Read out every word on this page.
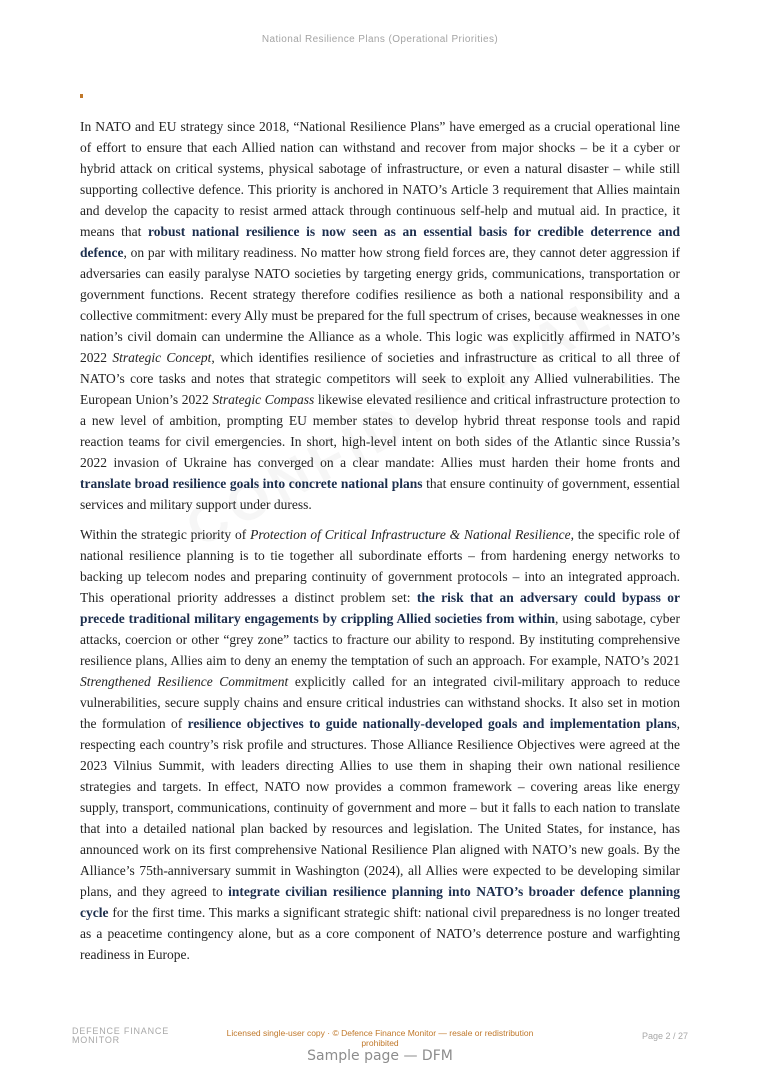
National Resilience Plans (Operational Priorities)

In NATO and EU strategy since 2018, “National Resilience Plans” have emerged as a crucial operational line of effort to ensure that each Allied nation can withstand and recover from major shocks – be it a cyber or hybrid attack on critical systems, physical sabotage of infrastructure, or even a natural disaster – while still supporting collective defence. This priority is anchored in NATO’s Article 3 requirement that Allies maintain and develop the capacity to resist armed attack through continuous self-help and mutual aid. In practice, it means that robust national resilience is now seen as an essential basis for credible deterrence and defence, on par with military readiness. No matter how strong field forces are, they cannot deter aggression if adversaries can easily paralyse NATO societies by targeting energy grids, communications, transportation or government functions. Recent strategy therefore codifies resilience as both a national responsibility and a collective commitment: every Ally must be prepared for the full spectrum of crises, because weaknesses in one nation’s civil domain can undermine the Alliance as a whole. This logic was explicitly affirmed in NATO’s 2022 Strategic Concept, which identifies resilience of societies and infrastructure as critical to all three of NATO’s core tasks and notes that strategic competitors will seek to exploit any Allied vulnerabilities. The European Union’s 2022 Strategic Compass likewise elevated resilience and critical infrastructure protection to a new level of ambition, prompting EU member states to develop hybrid threat response tools and rapid reaction teams for civil emergencies. In short, high-level intent on both sides of the Atlantic since Russia’s 2022 invasion of Ukraine has converged on a clear mandate: Allies must harden their home fronts and translate broad resilience goals into concrete national plans that ensure continuity of government, essential services and military support under duress.

Within the strategic priority of Protection of Critical Infrastructure & National Resilience, the specific role of national resilience planning is to tie together all subordinate efforts – from hardening energy networks to backing up telecom nodes and preparing continuity of government protocols – into an integrated approach. This operational priority addresses a distinct problem set: the risk that an adversary could bypass or precede traditional military engagements by crippling Allied societies from within, using sabotage, cyber attacks, coercion or other “grey zone” tactics to fracture our ability to respond. By instituting comprehensive resilience plans, Allies aim to deny an enemy the temptation of such an approach. For example, NATO’s 2021 Strengthened Resilience Commitment explicitly called for an integrated civil-military approach to reduce vulnerabilities, secure supply chains and ensure critical industries can withstand shocks. It also set in motion the formulation of resilience objectives to guide nationally-developed goals and implementation plans, respecting each country’s risk profile and structures. Those Alliance Resilience Objectives were agreed at the 2023 Vilnius Summit, with leaders directing Allies to use them in shaping their own national resilience strategies and targets. In effect, NATO now provides a common framework – covering areas like energy supply, transport, communications, continuity of government and more – but it falls to each nation to translate that into a detailed national plan backed by resources and legislation. The United States, for instance, has announced work on its first comprehensive National Resilience Plan aligned with NATO’s new goals. By the Alliance’s 75th-anniversary summit in Washington (2024), all Allies were expected to be developing similar plans, and they agreed to integrate civilian resilience planning into NATO’s broader defence planning cycle for the first time. This marks a significant strategic shift: national civil preparedness is no longer treated as a peacetime contingency alone, but as a core component of NATO’s deterrence posture and warfighting readiness in Europe.

DEFENCE FINANCE
MONITOR
Licensed single-user copy · © Defence Finance Monitor — resale or redistribution prohibited
Page 2 / 27
Sample page — DFM
